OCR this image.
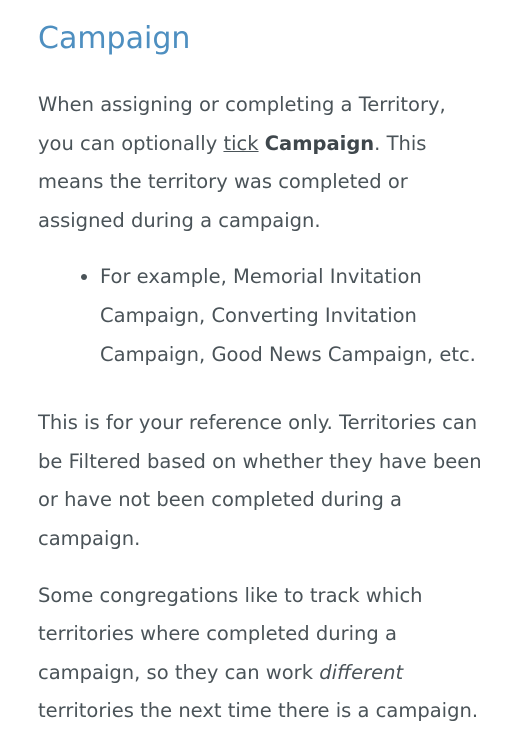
Campaign

When assigning or completing a Territory, you can optionally tick Campaign. This means the territory was completed or assigned during a campaign.

• For example, Memorial Invitation Campaign, Converting Invitation Campaign, Good News Campaign, etc.

This is for your reference only. Territories can be Filtered based on whether they have been or have not been completed during a campaign.

Some congregations like to track which territories where completed during a campaign, so they can work different territories the next time there is a campaign.
